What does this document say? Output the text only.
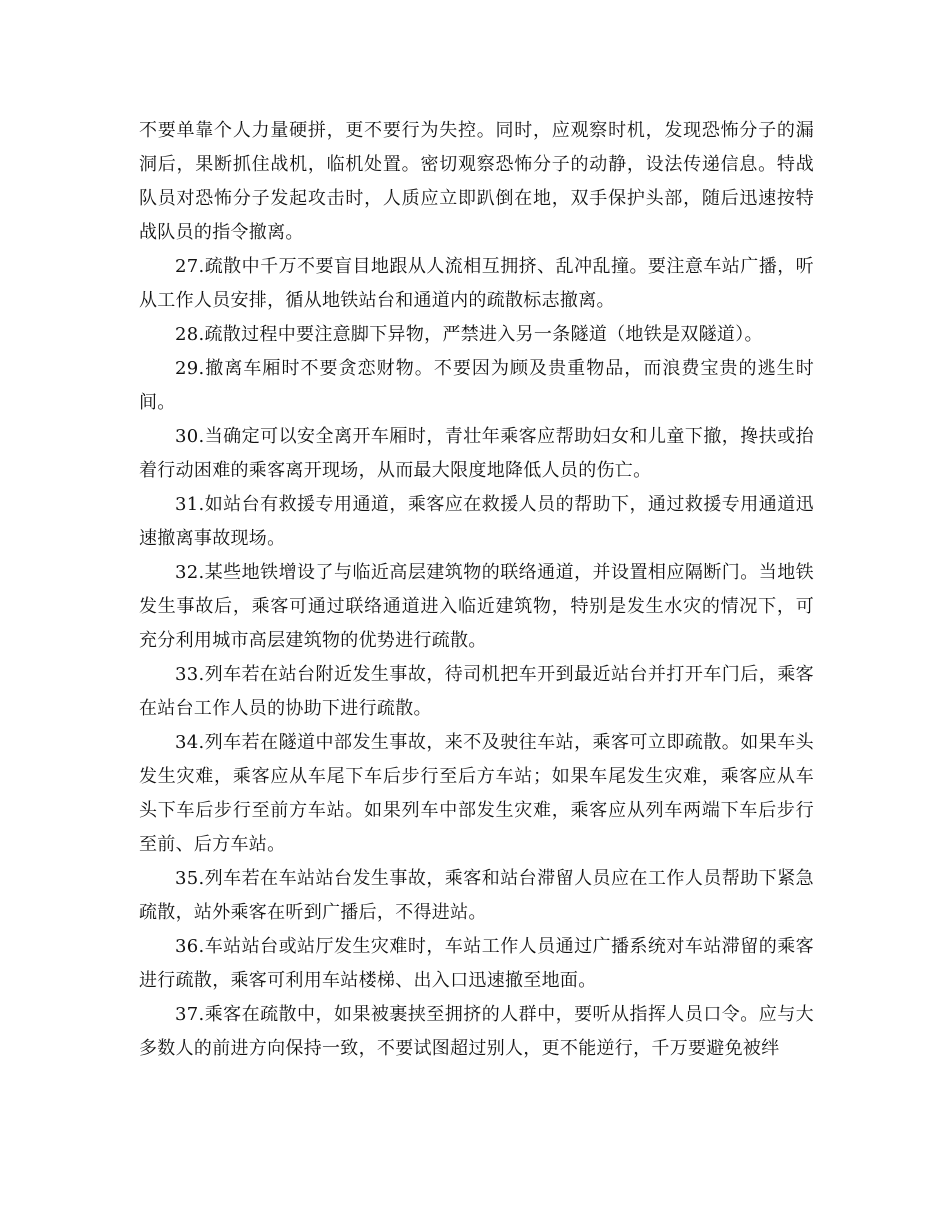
不要单靠个人力量硬拼，更不要行为失控。同时，应观察时机，发现恐怖分子的漏洞后，果断抓住战机，临机处置。密切观察恐怖分子的动静，设法传递信息。特战队员对恐怖分子发起攻击时，人质应立即趴倒在地，双手保护头部，随后迅速按特战队员的指令撤离。

27.疏散中千万不要盲目地跟从人流相互拥挤、乱冲乱撞。要注意车站广播，听从工作人员安排，循从地铁站台和通道内的疏散标志撤离。

28.疏散过程中要注意脚下异物，严禁进入另一条隧道（地铁是双隧道）。

29.撤离车厢时不要贪恋财物。不要因为顾及贵重物品，而浪费宝贵的逃生时间。

30.当确定可以安全离开车厢时，青壮年乘客应帮助妇女和儿童下撤，搀扶或抬着行动困难的乘客离开现场，从而最大限度地降低人员的伤亡。

31.如站台有救援专用通道，乘客应在救援人员的帮助下，通过救援专用通道迅速撤离事故现场。

32.某些地铁增设了与临近高层建筑物的联络通道，并设置相应隔断门。当地铁发生事故后，乘客可通过联络通道进入临近建筑物，特别是发生水灾的情况下，可充分利用城市高层建筑物的优势进行疏散。

33.列车若在站台附近发生事故，待司机把车开到最近站台并打开车门后，乘客在站台工作人员的协助下进行疏散。

34.列车若在隧道中部发生事故，来不及驶往车站，乘客可立即疏散。如果车头发生灾难，乘客应从车尾下车后步行至后方车站；如果车尾发生灾难，乘客应从车头下车后步行至前方车站。如果列车中部发生灾难，乘客应从列车两端下车后步行至前、后方车站。

35.列车若在车站站台发生事故，乘客和站台滞留人员应在工作人员帮助下紧急疏散，站外乘客在听到广播后，不得进站。

36.车站站台或站厅发生灾难时，车站工作人员通过广播系统对车站滞留的乘客进行疏散，乘客可利用车站楼梯、出入口迅速撤至地面。

37.乘客在疏散中，如果被裹挟至拥挤的人群中，要听从指挥人员口令。应与大多数人的前进方向保持一致，不要试图超过别人，更不能逆行，千万要避免被绊
